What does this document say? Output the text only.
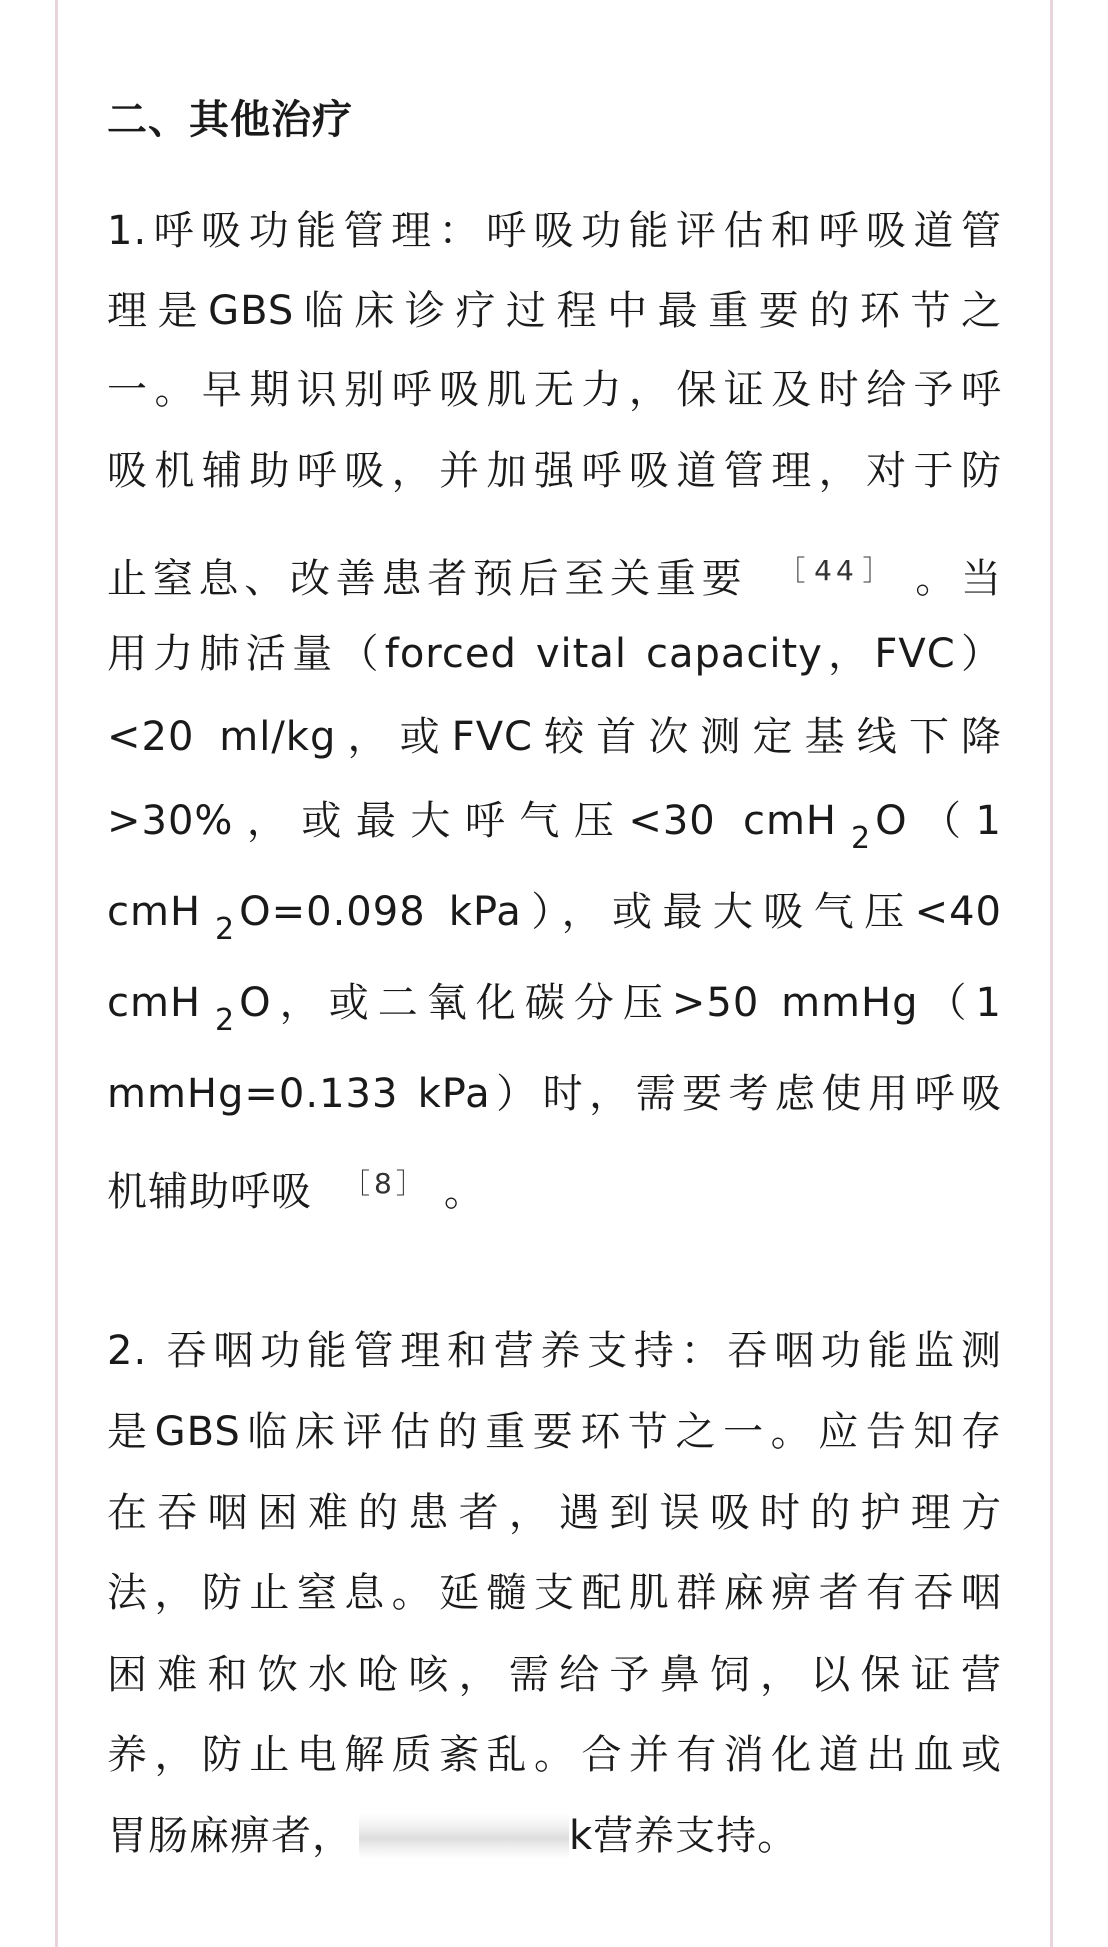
二、其他治疗
1.呼吸功能管理：呼吸功能评估和呼吸道管
理是GBS临床诊疗过程中最重要的环节之
一。早期识别呼吸肌无力，保证及时给予呼
吸机辅助呼吸，并加强呼吸道管理，对于防
止窒息、改善患者预后至关重要 $^{[44]}$ 。当
用力肺活量（forced vital capacity，FVC）
<20 ml/kg，或FVC较首次测定基线下降
>30%，或最大呼气压<30 cmH $_2$ O（1
cmH $_2$ O=0.098 kPa），或最大吸气压<40
cmH $_2$ O，或二氧化碳分压>50 mmHg（1
mmHg=0.133 kPa）时，需要考虑使用呼吸
机辅助呼吸 $^{[8]}$ 。
2. 吞咽功能管理和营养支持：吞咽功能监测
是GBS临床评估的重要环节之一。应告知存
在吞咽困难的患者，遇到误吸时的护理方
法，防止窒息。延髓支配肌群麻痹者有吞咽
困难和饮水呛咳，需给予鼻饲，以保证营
养，防止电解质紊乱。合并有消化道出血或
胃肠麻痹者，	k营养支持。
